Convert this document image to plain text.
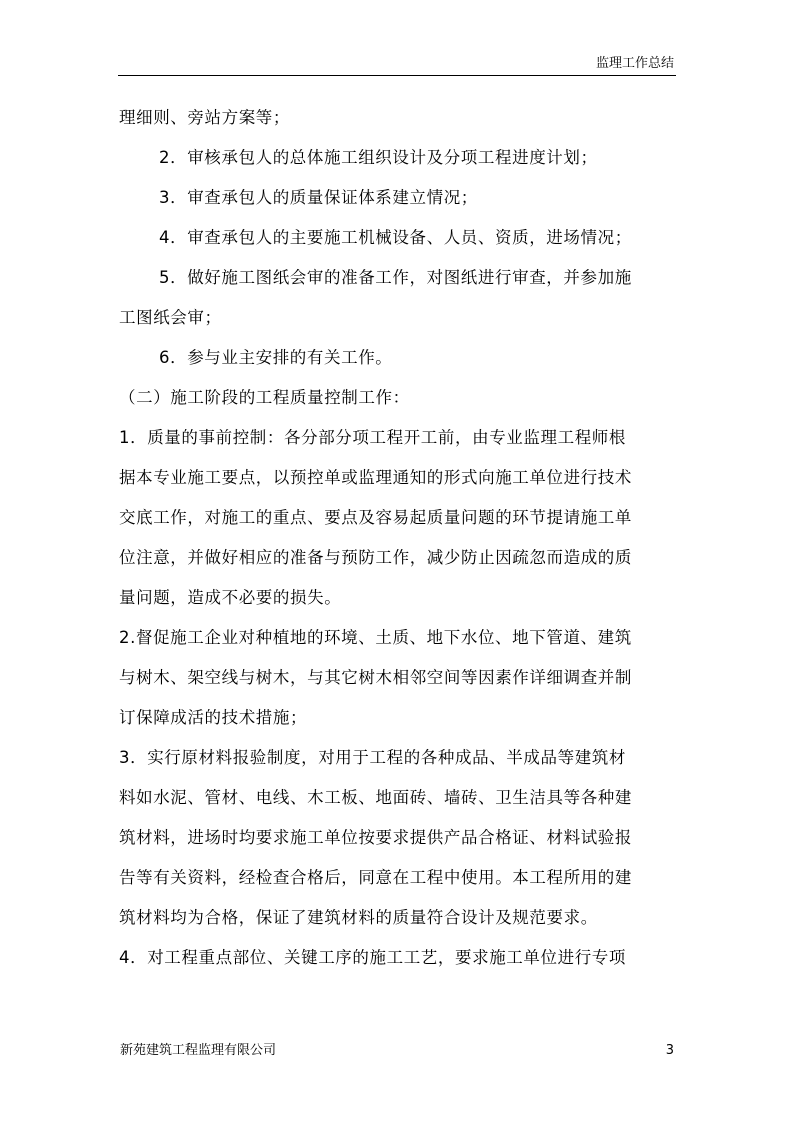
监理工作总结
理细则、旁站方案等；
2．审核承包人的总体施工组织设计及分项工程进度计划；
3．审查承包人的质量保证体系建立情况；
4．审查承包人的主要施工机械设备、人员、资质，进场情况；
5．做好施工图纸会审的准备工作，对图纸进行审查，并参加施
工图纸会审；
6．参与业主安排的有关工作。
（二）施工阶段的工程质量控制工作：
1．质量的事前控制：各分部分项工程开工前，由专业监理工程师根
据本专业施工要点，以预控单或监理通知的形式向施工单位进行技术
交底工作，对施工的重点、要点及容易起质量问题的环节提请施工单
位注意，并做好相应的准备与预防工作，减少防止因疏忽而造成的质
量问题，造成不必要的损失。
2.督促施工企业对种植地的环境、土质、地下水位、地下管道、建筑
与树木、架空线与树木，与其它树木相邻空间等因素作详细调查并制
订保障成活的技术措施；
3．实行原材料报验制度，对用于工程的各种成品、半成品等建筑材
料如水泥、管材、电线、木工板、地面砖、墙砖、卫生洁具等各种建
筑材料，进场时均要求施工单位按要求提供产品合格证、材料试验报
告等有关资料，经检查合格后，同意在工程中使用。本工程所用的建
筑材料均为合格，保证了建筑材料的质量符合设计及规范要求。
4．对工程重点部位、关键工序的施工工艺，要求施工单位进行专项
新苑建筑工程监理有限公司	3
